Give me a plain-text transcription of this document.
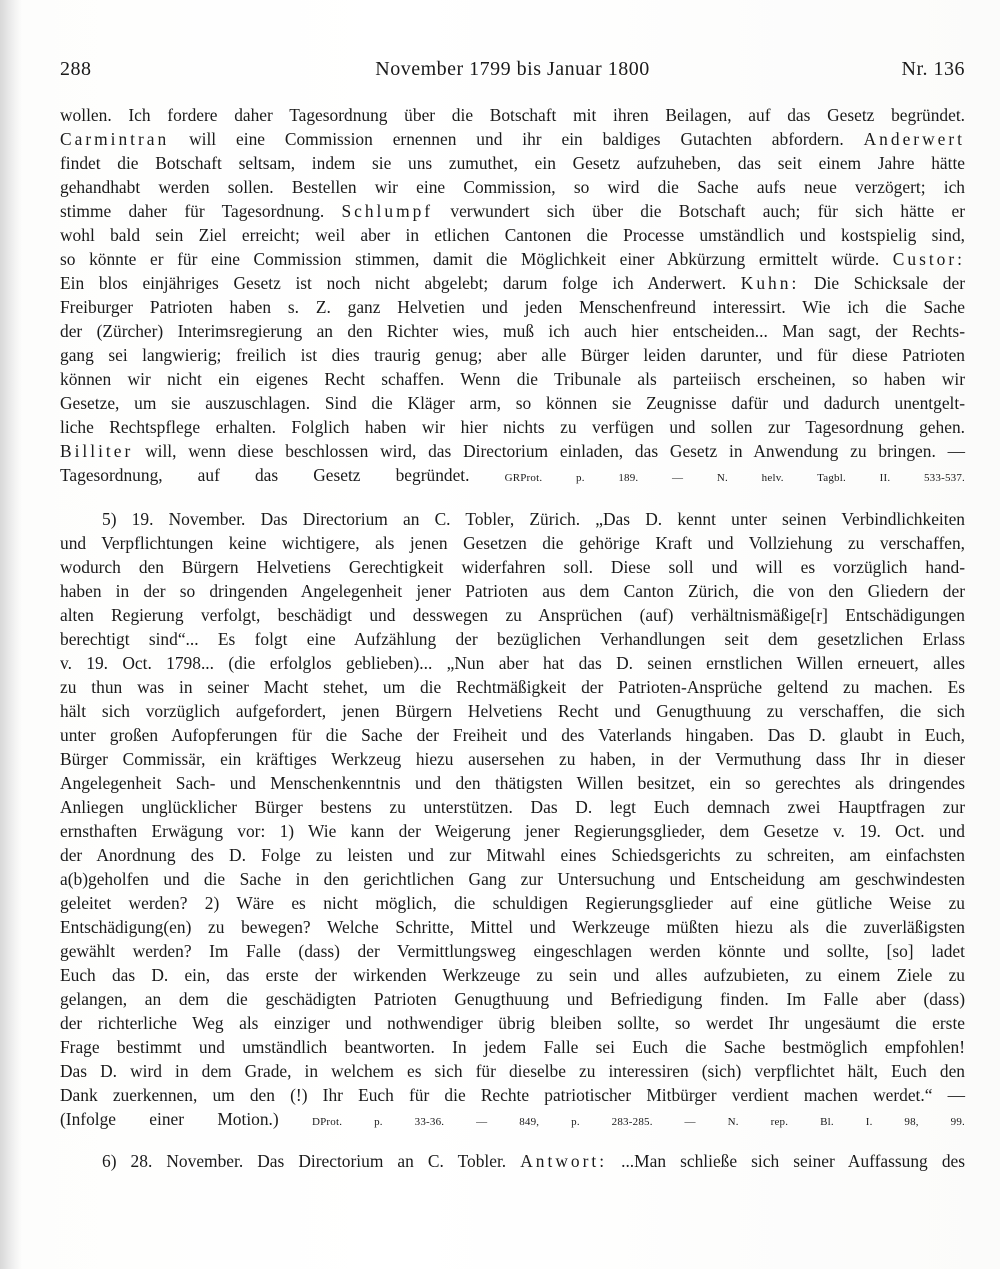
288	November 1799 bis Januar 1800	Nr. 136
wollen. Ich fordere daher Tagesordnung über die Botschaft mit ihren Beilagen, auf das Gesetz begründet.
Carmintran will eine Commission ernennen und ihr ein baldiges Gutachten abfordern. Anderwert
findet die Botschaft seltsam, indem sie uns zumuthet, ein Gesetz aufzuheben, das seit einem Jahre hätte
gehandhabt werden sollen. Bestellen wir eine Commission, so wird die Sache aufs neue verzögert; ich
stimme daher für Tagesordnung. Schlumpf verwundert sich über die Botschaft auch; für sich hätte er
wohl bald sein Ziel erreicht; weil aber in etlichen Cantonen die Processe umständlich und kostspielig sind,
so könnte er für eine Commission stimmen, damit die Möglichkeit einer Abkürzung ermittelt würde. Custor:
Ein blos einjähriges Gesetz ist noch nicht abgelebt; darum folge ich Anderwert. Kuhn: Die Schicksale der
Freiburger Patrioten haben s. Z. ganz Helvetien und jeden Menschenfreund interessirt. Wie ich die Sache
der (Zürcher) Interimsregierung an den Richter wies, muß ich auch hier entscheiden... Man sagt, der Rechts-
gang sei langwierig; freilich ist dies traurig genug; aber alle Bürger leiden darunter, und für diese Patrioten
können wir nicht ein eigenes Recht schaffen. Wenn die Tribunale als parteiisch erscheinen, so haben wir
Gesetze, um sie auszuschlagen. Sind die Kläger arm, so können sie Zeugnisse dafür und dadurch unentgelt-
liche Rechtspflege erhalten. Folglich haben wir hier nichts zu verfügen und sollen zur Tagesordnung gehen.
Billiter will, wenn diese beschlossen wird, das Directorium einladen, das Gesetz in Anwendung zu bringen. —
Tagesordnung, auf das Gesetz begründet.	GRProt. p. 189. — N. helv. Tagbl. II. 533-537.
5) 19. November. Das Directorium an C. Tobler, Zürich. „Das D. kennt unter seinen Verbindlichkeiten
und Verpflichtungen keine wichtigere, als jenen Gesetzen die gehörige Kraft und Vollziehung zu verschaffen,
wodurch den Bürgern Helvetiens Gerechtigkeit widerfahren soll. Diese soll und will es vorzüglich hand-
haben in der so dringenden Angelegenheit jener Patrioten aus dem Canton Zürich, die von den Gliedern der
alten Regierung verfolgt, beschädigt und desswegen zu Ansprüchen (auf) verhältnismäßige[r] Entschädigungen
berechtigt sind“... Es folgt eine Aufzählung der bezüglichen Verhandlungen seit dem gesetzlichen Erlass
v. 19. Oct. 1798... (die erfolglos geblieben)... „Nun aber hat das D. seinen ernstlichen Willen erneuert, alles
zu thun was in seiner Macht stehet, um die Rechtmäßigkeit der Patrioten-Ansprüche geltend zu machen. Es
hält sich vorzüglich aufgefordert, jenen Bürgern Helvetiens Recht und Genugthuung zu verschaffen, die sich
unter großen Aufopferungen für die Sache der Freiheit und des Vaterlands hingaben. Das D. glaubt in Euch,
Bürger Commissär, ein kräftiges Werkzeug hiezu ausersehen zu haben, in der Vermuthung dass Ihr in dieser
Angelegenheit Sach- und Menschenkenntnis und den thätigsten Willen besitzet, ein so gerechtes als dringendes
Anliegen unglücklicher Bürger bestens zu unterstützen. Das D. legt Euch demnach zwei Hauptfragen zur
ernsthaften Erwägung vor: 1) Wie kann der Weigerung jener Regierungsglieder, dem Gesetze v. 19. Oct. und
der Anordnung des D. Folge zu leisten und zur Mitwahl eines Schiedsgerichts zu schreiten, am einfachsten
a(b)geholfen und die Sache in den gerichtlichen Gang zur Untersuchung und Entscheidung am geschwindesten
geleitet werden? 2) Wäre es nicht möglich, die schuldigen Regierungsglieder auf eine gütliche Weise zu
Entschädigung(en) zu bewegen? Welche Schritte, Mittel und Werkzeuge müßten hiezu als die zuverläßigsten
gewählt werden? Im Falle (dass) der Vermittlungsweg eingeschlagen werden könnte und sollte, [so] ladet
Euch das D. ein, das erste der wirkenden Werkzeuge zu sein und alles aufzubieten, zu einem Ziele zu
gelangen, an dem die geschädigten Patrioten Genugthuung und Befriedigung finden. Im Falle aber (dass)
der richterliche Weg als einziger und nothwendiger übrig bleiben sollte, so werdet Ihr ungesäumt die erste
Frage bestimmt und umständlich beantworten. In jedem Falle sei Euch die Sache bestmöglich empfohlen!
Das D. wird in dem Grade, in welchem es sich für dieselbe zu interessiren (sich) verpflichtet hält, Euch den
Dank zuerkennen, um den (!) Ihr Euch für die Rechte patriotischer Mitbürger verdient machen werdet.“ —
(Infolge einer Motion.)	DProt. p. 33-36. — 849, p. 283-285. — N. rep. Bl. I. 98, 99.
6) 28. November. Das Directorium an C. Tobler. Antwort: ...Man schließe sich seiner Auffassung des
